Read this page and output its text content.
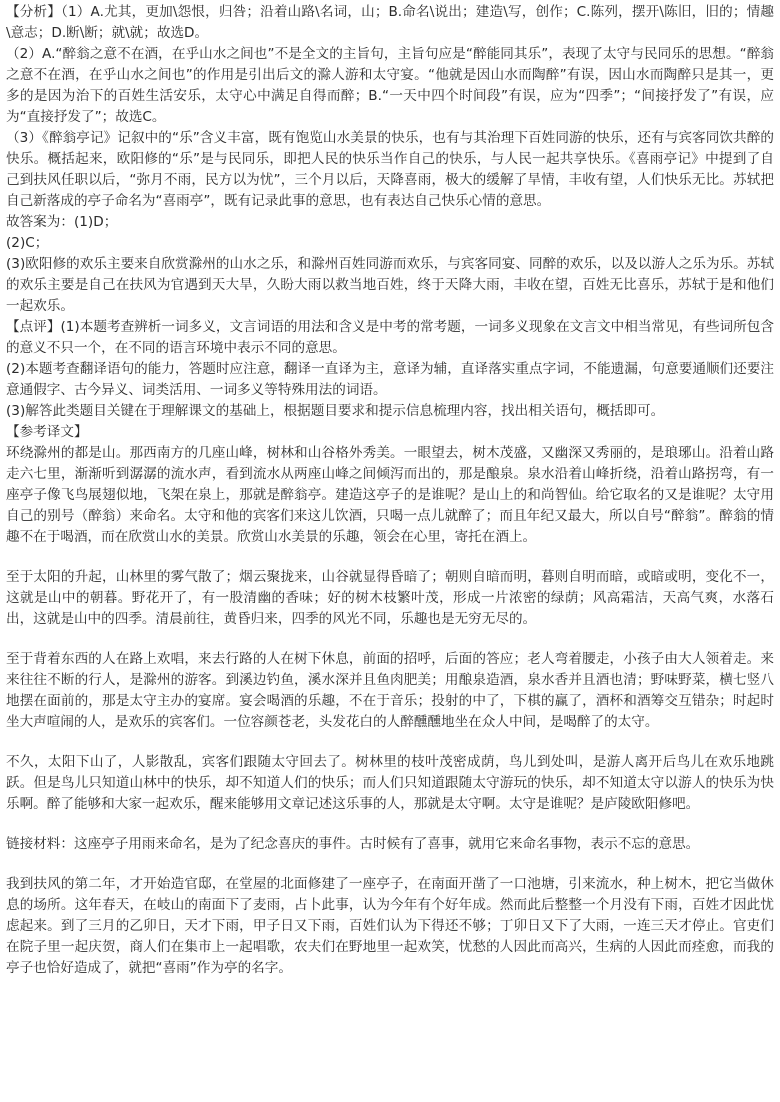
【分析】（1）A.尤其，更加\怨恨，归咎；沿着山路\名词，山；B.命名\说出；建造\写，创作；C.陈列，摆开\陈旧，旧的；情趣\意志；D.断\断；就\就；故选D。

（2）A.“醉翁之意不在酒，在乎山水之间也”不是全文的主旨句，主旨句应是“醉能同其乐”，表现了太守与民同乐的思想。“醉翁之意不在酒，在乎山水之间也”的作用是引出后文的滁人游和太守宴。“他就是因山水而陶醉”有误，因山水而陶醉只是其一，更多的是因为治下的百姓生活安乐，太守心中满足自得而醉；B.“一天中四个时间段”有误，应为“四季”；“间接抒发了”有误，应为“直接抒发了”；故选C。

（3）《醉翁亭记》记叙中的“乐”含义丰富，既有饱览山水美景的快乐，也有与其治理下百姓同游的快乐，还有与宾客同饮共醉的快乐。概括起来，欧阳修的“乐”是与民同乐，即把人民的快乐当作自己的快乐，与人民一起共享快乐。《喜雨亭记》中提到了自己到扶风任职以后，“弥月不雨，民方以为忧”，三个月以后，天降喜雨，极大的缓解了旱情，丰收有望，人们快乐无比。苏轼把自己新落成的亭子命名为“喜雨亭”，既有记录此事的意思，也有表达自己快乐心情的意思。

故答案为：(1)D；

(2)C；

(3)欧阳修的欢乐主要来自欣赏滁州的山水之乐，和滁州百姓同游而欢乐，与宾客同宴、同醉的欢乐，以及以游人之乐为乐。苏轼的欢乐主要是自己在扶风为官遇到天大旱，久盼大雨以救当地百姓，终于天降大雨，丰收在望，百姓无比喜乐，苏轼于是和他们一起欢乐。

【点评】(1)本题考查辨析一词多义，文言词语的用法和含义是中考的常考题，一词多义现象在文言文中相当常见，有些词所包含的意义不只一个，在不同的语言环境中表示不同的意思。

(2)本题考查翻译语句的能力，答题时应注意，翻译一直译为主，意译为辅，直译落实重点字词，不能遗漏，句意要通顺们还要注意通假字、古今异义、词类活用、一词多义等特殊用法的词语。

(3)解答此类题目关键在于理解课文的基础上，根据题目要求和提示信息梳理内容，找出相关语句，概括即可。

【参考译文】

环绕滁州的都是山。那西南方的几座山峰，树林和山谷格外秀美。一眼望去，树木茂盛，又幽深又秀丽的，是琅琊山。沿着山路走六七里，渐渐听到潺潺的流水声，看到流水从两座山峰之间倾泻而出的，那是酿泉。泉水沿着山峰折绕，沿着山路拐弯，有一座亭子像飞鸟展翅似地，飞架在泉上，那就是醉翁亭。建造这亭子的是谁呢？是山上的和尚智仙。给它取名的又是谁呢？太守用自己的别号（醉翁）来命名。太守和他的宾客们来这儿饮酒，只喝一点儿就醉了；而且年纪又最大，所以自号“醉翁”。醉翁的情趣不在于喝酒，而在欣赏山水的美景。欣赏山水美景的乐趣，领会在心里，寄托在酒上。

至于太阳的升起，山林里的雾气散了；烟云聚拢来，山谷就显得昏暗了；朝则自暗而明，暮则自明而暗，或暗或明，变化不一，这就是山中的朝暮。野花开了，有一股清幽的香味；好的树木枝繁叶茂，形成一片浓密的绿荫；风高霜洁，天高气爽，水落石出，这就是山中的四季。清晨前往，黄昏归来，四季的风光不同，乐趣也是无穷无尽的。

至于背着东西的人在路上欢唱，来去行路的人在树下休息，前面的招呼，后面的答应；老人弯着腰走，小孩子由大人领着走。来来往往不断的行人，是滁州的游客。到溪边钓鱼，溪水深并且鱼肉肥美；用酿泉造酒，泉水香并且酒也清；野味野菜，横七竖八地摆在面前的，那是太守主办的宴席。宴会喝酒的乐趣，不在于音乐；投射的中了，下棋的赢了，酒杯和酒筹交互错杂；时起时坐大声喧闹的人，是欢乐的宾客们。一位容颜苍老，头发花白的人醉醺醺地坐在众人中间，是喝醉了的太守。

不久，太阳下山了，人影散乱，宾客们跟随太守回去了。树林里的枝叶茂密成荫，鸟儿到处叫，是游人离开后鸟儿在欢乐地跳跃。但是鸟儿只知道山林中的快乐，却不知道人们的快乐；而人们只知道跟随太守游玩的快乐，却不知道太守以游人的快乐为快乐啊。醉了能够和大家一起欢乐，醒来能够用文章记述这乐事的人，那就是太守啊。太守是谁呢？是庐陵欧阳修吧。

链接材料：这座亭子用雨来命名，是为了纪念喜庆的事件。古时候有了喜事，就用它来命名事物，表示不忘的意思。

我到扶风的第二年，才开始造官邸，在堂屋的北面修建了一座亭子，在南面开凿了一口池塘，引来流水，种上树木，把它当做休息的场所。这年春天，在岐山的南面下了麦雨，占卜此事，认为今年有个好年成。然而此后整整一个月没有下雨，百姓才因此忧虑起来。到了三月的乙卯日，天才下雨，甲子日又下雨，百姓们认为下得还不够；丁卯日又下了大雨，一连三天才停止。官吏们在院子里一起庆贺，商人们在集市上一起唱歌，农夫们在野地里一起欢笑，忧愁的人因此而高兴，生病的人因此而痊愈，而我的亭子也恰好造成了，就把“喜雨”作为亭的名字。
